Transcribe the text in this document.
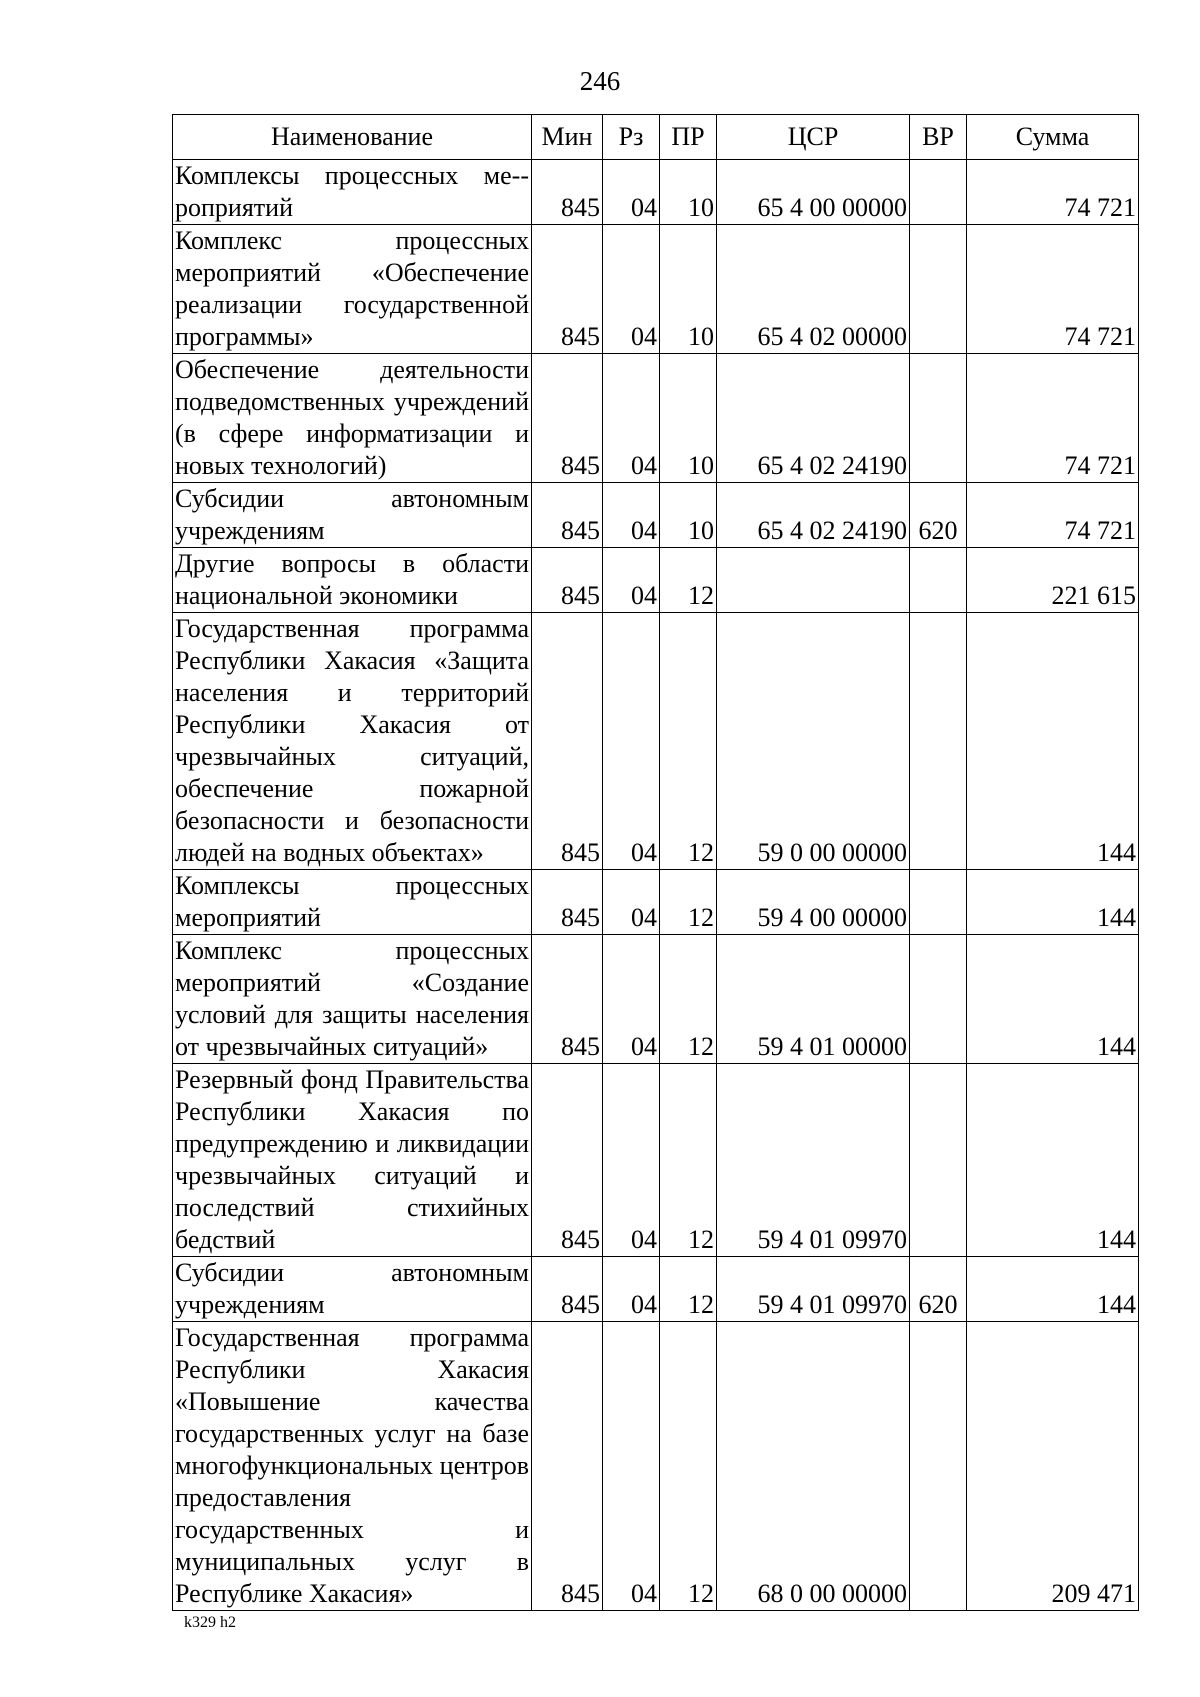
246
Наименование	Мин	Рз	ПР	ЦСР	ВР	Сумма
Комплексы процессных ме-роприятий	845	04	10	65 4 00 00000		74 721
Комплекс процессных мероприятий «Обеспечение реализации государственной программы»	845	04	10	65 4 02 00000		74 721
Обеспечение деятельности подведомственных учреждений (в сфере информатизации и новых технологий)	845	04	10	65 4 02 24190		74 721
Субсидии автономным учреждениям	845	04	10	65 4 02 24190	620	74 721
Другие вопросы в области национальной экономики	845	04	12			221 615
Государственная программа Республики Хакасия «Защита населения и территорий Республики Хакасия от чрезвычайных ситуаций, обеспечение пожарной безопасности и безопасности людей на водных объектах»	845	04	12	59 0 00 00000		144
Комплексы процессных мероприятий	845	04	12	59 4 00 00000		144
Комплекс процессных мероприятий «Создание условий для защиты населения от чрезвычайных ситуаций»	845	04	12	59 4 01 00000		144
Резервный фонд Правительства Республики Хакасия по предупреждению и ликвидации чрезвычайных ситуаций и последствий стихийных бедствий	845	04	12	59 4 01 09970		144
Субсидии автономным учреждениям	845	04	12	59 4 01 09970	620	144
Государственная программа Республики Хакасия «Повышение качества государственных услуг на базе многофункциональных центров предоставления государственных и муниципальных услуг в Республике Хакасия»	845	04	12	68 0 00 00000		209 471
k329 h2
